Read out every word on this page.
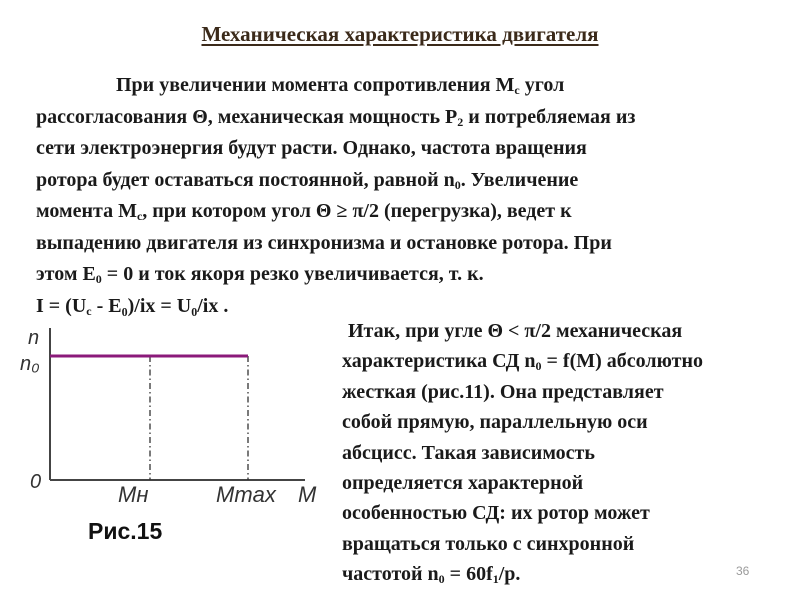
Механическая характеристика двигателя
При увеличении момента сопротивления $М_c$ угол
рассогласования Θ, механическая мощность $Р_2$ и потребляемая из
сети электроэнергия будут расти. Однако, частота вращения
ротора будет оставаться постоянной, равной $n_0$. Увеличение
момента $М_c$, при котором угол Θ ≥ π/2 (перегрузка), ведет к
выпадению двигателя из синхронизма и остановке ротора. При
этом $Е_0 = 0$ и ток якоря резко увеличивается, т. к.
$I = (U_c - E_0)/ix = U_0/ix$ .
Итак, при угле Θ < π/2 механическая
характеристика СД $n_0 = f(M)$ абсолютно
жесткая (рис.11). Она представляет
собой прямую, параллельную оси
абсцисс. Такая зависимость
определяется характерной
особенностью СД: их ротор может
вращаться только с синхронной
частотой $n_0 = 60f_1/p$.
n
n₀
0	Mн	Mmax M
Рис.15
36
